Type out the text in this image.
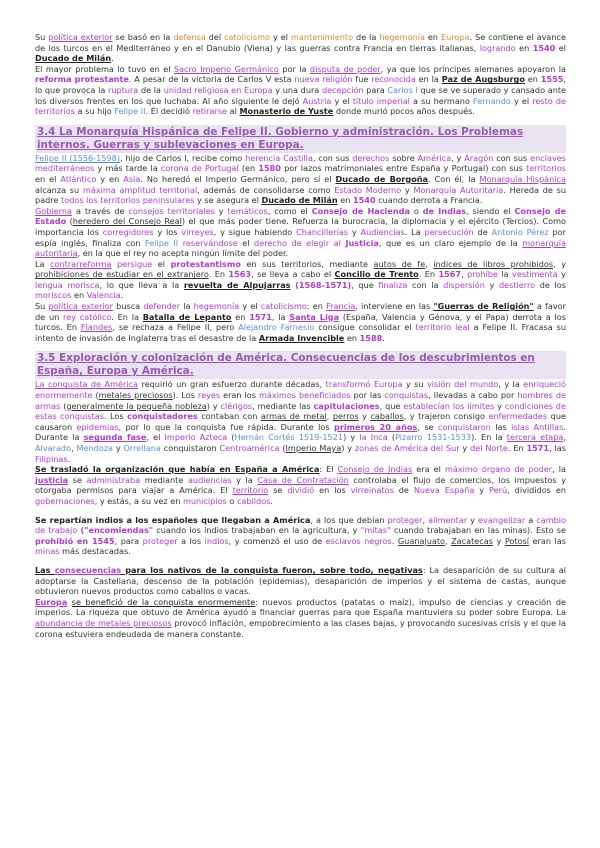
Su política exterior se basó en la defensa del catolicismo y el mantenimiento de la hegemonía en Europa. Se contiene el avance de los turcos en el Mediterráneo y en el Danubio (Viena) y las guerras contra Francia en tierras italianas, logrando en 1540 el Ducado de Milán.

El mayor problema lo tuvo en el Sacro Imperio Germánico por la disputa de poder, ya que los príncipes alemanes apoyaron la reforma protestante. A pesar de la victoria de Carlos V esta nueva religión fue reconocida en la Paz de Augsburgo en 1555, lo que provoca la ruptura de la unidad religiosa en Europa y una dura decepción para Carlos I que se ve superado y cansado ante los diversos frentes en los que luchaba. Al año siguiente le dejó Austria y el título imperial a su hermano Fernando y el resto de territorios a su hijo Felipe II. Él decidió retirarse al Monasterio de Yuste donde murió pocos años después.

3.4 La Monarquía Hispánica de Felipe II. Gobierno y administración. Los Problemas internos. Guerras y sublevaciones en Europa.

Felipe II (1556-1598), hijo de Carlos I, recibe como herencia Castilla, con sus derechos sobre América, y Aragón con sus enclaves mediterráneos y más tarde la corona de Portugal (en 1580 por lazos matrimoniales entre España y Portugal) con sus territorios en el Atlántico y en Asia. No heredó el Imperio Germánico, pero sí el Ducado de Borgoña. Con él, la Monarquía Hispánica alcanza su máxima amplitud territorial, además de consolidarse como Estado Moderno y Monarquía Autoritaria. Hereda de su padre todos los territorios peninsulares y se asegura el Ducado de Milán en 1540 cuando derrota a Francia.

Gobierna a través de consejos territoriales y temáticos, como el Consejo de Hacienda o de Indias, siendo el Consejo de Estado (heredero del Consejo Real) el que más poder tiene. Refuerza la burocracia, la diplomacia y el ejército (Tercios). Como importancia los corregidores y los virreyes, y sigue habiendo Chancillerías y Audiencias. La persecución de Antonio Pérez por espía inglés, finaliza con Felipe II reservándose el derecho de elegir al Justicia, que es un claro ejemplo de la monarquía autoritaria, en la que el rey no acepta ningún límite del poder.

La contrarreforma persigue el protestantismo en sus territorios, mediante autos de fe, índices de libros prohibidos, y prohibiciones de estudiar en el extranjero. En 1563, se lleva a cabo el Concilio de Trento. En 1567, prohíbe la vestimenta y lengua morisca, lo que lleva a la revuelta de Alpujarras (1568-1571), que finaliza con la dispersión y destierro de los moriscos en Valencia.

Su política exterior busca defender la hegemonía y el catolicismo: en Francia, interviene en las "Guerras de Religión" a favor de un rey católico. En la Batalla de Lepanto en 1571, la Santa Liga (España, Valencia y Génova, y el Papa) derrota a los turcos. En Flandes, se rechaza a Felipe II, pero Alejandro Farnesio consigue consolidar el territorio leal a Felipe II. Fracasa su intento de invasión de Inglaterra tras el desastre de la Armada Invencible en 1588.

3.5 Exploración y colonización de América. Consecuencias de los descubrimientos en España, Europa y América.

La conquista de América requirió un gran esfuerzo durante décadas, transformó Europa y su visión del mundo, y la enriqueció enormemente (metales preciosos). Los reyes eran los máximos beneficiados por las conquistas, llevadas a cabo por hombres de armas (generalmente la pequeña nobleza) y clérigos, mediante las capitulaciones, que establecían los límites y condiciones de estas conquistas. Los conquistadores contaban con armas de metal, perros y caballos, y trajeron consigo enfermedades que causaron epidemias, por lo que la conquista fue rápida. Durante los primeros 20 años, se conquistaron las islas Antillas. Durante la segunda fase, el Imperio Azteca (Hernán Cortés 1519-1521) y la Inca (Pizarro 1531-1533). En la tercera etapa, Alvarado, Mendoza y Orrellana conquistaron Centroamérica (Imperio Maya) y zonas de América del Sur y del Norte. En 1571, las Filipinas.

Se trasladó la organización que había en España a América: El Consejo de Indias era el máximo órgano de poder, la justicia se administraba mediante audiencias y la Casa de Contratación controlaba el flujo de comercios, los impuestos y otorgaba permisos para viajar a América. El territorio se dividió en los virreinatos de Nueva España y Perú, divididos en gobernaciones, y estás, a su vez en municipios o cabildos.

Se repartían indios a los españoles que llegaban a América, a los que debían proteger, alimentar y evangelizar a cambio de trabajo ("encomiendas" cuando los indios trabajaban en la agricultura, y "mitas" cuando trabajaban en las minas). Esto se prohibió en 1545, para proteger a los indios, y comenzó el uso de esclavos negros. Guanajuato, Zacatecas y Potosí eran las minas más destacadas.

Las consecuencias para los nativos de la conquista fueron, sobre todo, negativas: La desaparición de su cultura al adoptarse la Castellana, descenso de la población (epidemias), desaparición de imperios y el sistema de castas, aunque obtuvieron nuevos productos como caballos o vacas.

Europa se benefició de la conquista enormemente: nuevos productos (patatas o maíz), impulso de ciencias y creación de imperios. La riqueza que obtuvo de América ayudó a financiar guerras para que España mantuviera su poder sobre Europa. La abundancia de metales preciosos provocó inflación, empobrecimiento a las clases bajas, y provocando sucesivas crisis y el que la corona estuviera endeudada de manera constante.
